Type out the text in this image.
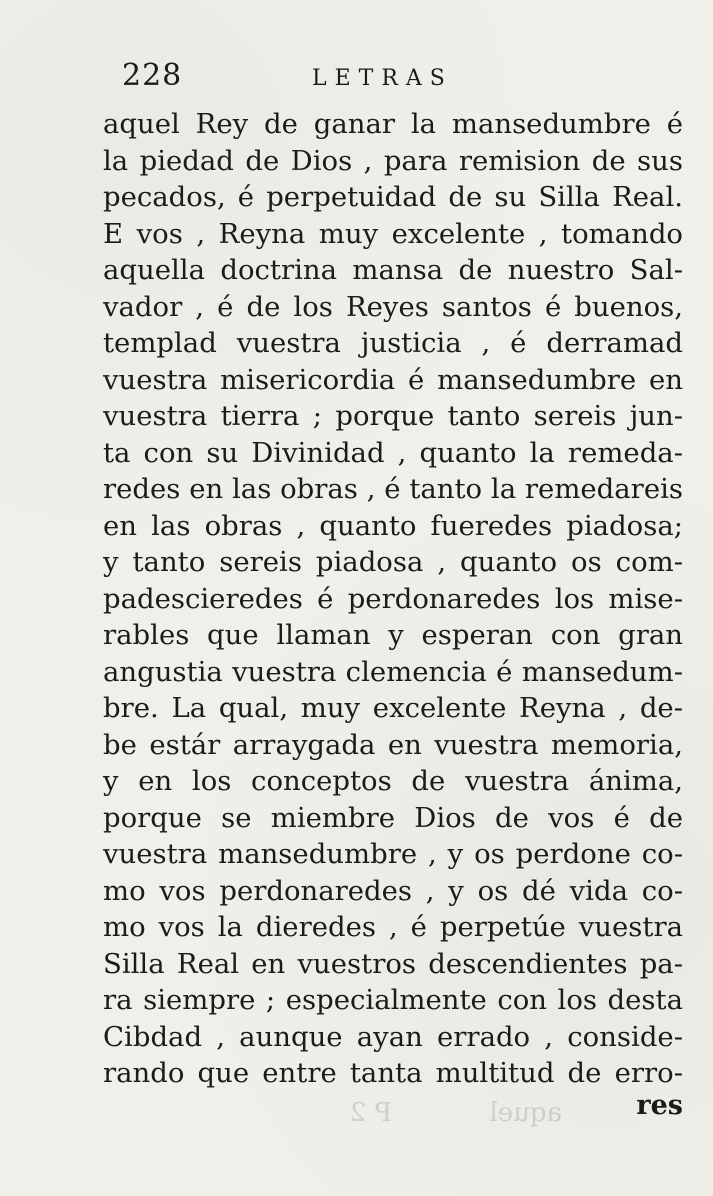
228	LETRAS
aquel Rey de ganar la mansedumbre é
la piedad de Dios , para remision de sus
pecados, é perpetuidad de su Silla Real.
E vos , Reyna muy excelente , tomando
aquella doctrina mansa de nuestro Sal-
vador , é de los Reyes santos é buenos,
templad vuestra justicia , é derramad
vuestra misericordia é mansedumbre en
vuestra tierra ; porque tanto sereis jun-
ta con su Divinidad , quanto la remeda-
redes en las obras , é tanto la remedareis
en las obras , quanto fueredes piadosa;
y tanto sereis piadosa , quanto os com-
padescieredes é perdonaredes los mise-
rables que llaman y esperan con gran
angustia vuestra clemencia é mansedum-
bre. La qual, muy excelente Reyna , de-
be estár arraygada en vuestra memoria,
y en los conceptos de vuestra ánima,
porque se miembre Dios de vos é de
vuestra mansedumbre , y os perdone co-
mo vos perdonaredes , y os dé vida co-
mo vos la dieredes , é perpetúe vuestra
Silla Real en vuestros descendientes pa-
ra siempre ; especialmente con los desta
Cibdad , aunque ayan errado , conside-
rando que entre tanta multitud de erro-
res
P 2	aquel
